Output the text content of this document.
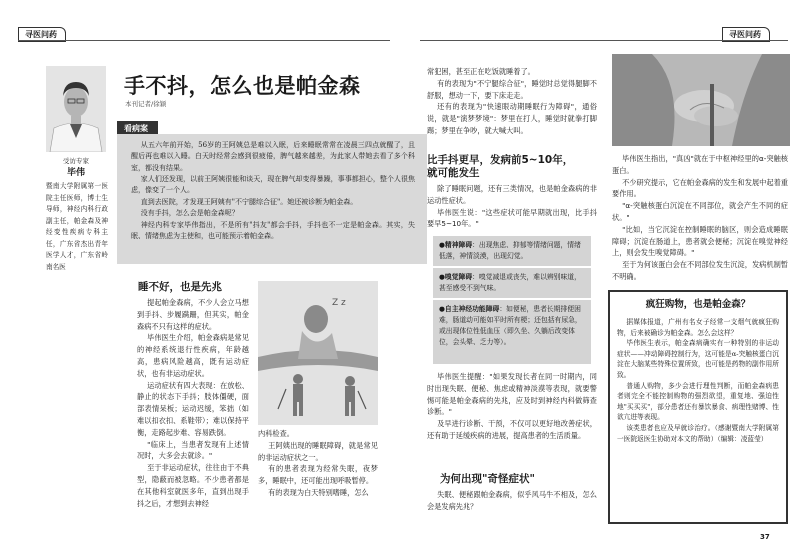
寻医问药	寻医问药
受访专家
毕伟
暨南大学附属第一医院主任医师，博士生导师，神经内科行政副主任，帕金森及神经变性疾病专科主任，广东省杰出青年医学人才，广东省岭南名医
手不抖，怎么也是帕金森
本刊记者/徐颖
看病案

从五六年前开始，56岁的王阿姨总是难以入眠，后来睡眠常常在凌晨三四点就醒了，且醒后再也难以入睡。白天时经常会感到很疲倦，脾气越来越差，为此家人带她去看了多个科室，都没有结果。

家人们还发现，以前王阿姨很能和谈天，现在脾气却变得暴躁，事事都担心，整个人很焦虑，像变了一个人。

直到去医院，才发现王阿姨有"不宁腿综合征"。她还被诊断为帕金森。

没有手抖，怎么会是帕金森呢？

神经内科专家毕伟指出，不是所有"抖友"都会手抖，手抖也不一定是帕金森。其实，失眠、情绪焦虑为主使和，也可能预示着帕金森。

睡不好，也是先兆

提起帕金森病，不少人会立马想到手抖、步履蹒跚，但其实，帕金森病不只有这样的症状。

毕伟医生介绍，帕金森病是常见的神经系统退行性疾病，年龄越高，患病风险越高，既有运动症状，也有非运动症状。

运动症状有四大表现：在放松、静止的状态下手抖；肢体僵硬，面部表情呆板；运动迟缓，笨拙（如难以扣衣扣、系鞋带）；难以保持平衡，走路起步难、容易跌倒。

"临床上，当患者发现有上述情况时，大多会去就诊。"

至于非运动症状，往往由于不典型，隐蔽而被忽略。不少患者都是在其他科室就医多年，直到出现手抖之后，才想到去神经

Z z

内科检查。

王阿姨出现的睡眠障碍，就是常见的非运动症状之一。

有的患者表现为经常失眠，夜梦多，睡眠中，还可能出现呼吸暂停。

有的表现为白天特别嗜睡，怎么

常犯困，甚至正在吃饭就睡着了。

有的表现为"不宁腿综合征"，睡觉时总觉得腿脚不舒服，想动一下，要下床走走。

还有的表现为"快速眼动期睡眠行为障碍"，通俗说，就是"演梦梦境"：梦里在打人，睡觉时就拳打脚踢；梦里在争吵，就大喊大叫。

比手抖更早，发病前5~10年，就可能发生

除了睡眠问题，还有三类情况，也是帕金森病的非运动性症状。

毕伟医生说："这些症状可能早期就出现，比手抖要早5~10年。"

●精神障碍：出现焦虑、抑郁等情绪问题，情绪低落，神情淡漠，出现幻觉。
●嗅觉障碍：嗅觉减退或丧失，难以辨别味道，甚至感受不到气味。
●自主神经功能障碍：如便秘，患者长期排便困难，肠道动可能如平时所有梗；还包括有尿急，或出现体位性低血压（即久坐、久躺后改变体位，会头晕、乏力等）。

毕伟医生提醒："如果发现长者在同一时期内，同时出现失眠、便秘、焦虑或精神淡漠等表现，就要警惕可能是帕金森病的先兆，应及时到神经内科做筛查诊断。"

及早进行诊断、干预，不仅可以更好地改善症状，还有助于延缓疾病的进展，提高患者的生活质量。

为何出现"奇怪症状"

失眠、便秘跟帕金森病，似乎风马牛不相及，怎么会是发病先兆？

毕伟医生指出，"真凶"就在于中枢神经里的α-突触核蛋白。

不少研究提示，它在帕金森病的发生和发展中起着重要作用。

"α-突触核蛋白沉淀在不同部位，就会产生不同的症状。"

"比如，当它沉淀在控制睡眠的脑区，则会造成睡眠障碍；沉淀在肠道上，患者就会便秘；沉淀在嗅觉神经上，则会发生嗅觉障碍。"

至于为何该蛋白会在不同部位发生沉淀，发病机制暂不明确。

疯狂购物，也是帕金森？

据媒体报道，广州有名女子经常一支烟气就疯狂购物，后来被确诊为帕金森。怎么会这样？

毕伟医生表示，帕金森病确实有一种特别的非运动症状——冲动障碍控制行为，这可能是α-突触核蛋白沉淀在大脑某些特殊位置所致，也可能是药物的副作用所致。

普通人购物，多少会进行理性判断，而帕金森病患者则完全不能控制购物的强烈欲望，重复地、强迫性地"买买买"，部分患者还有暴饮暴食、病理性赌博、性欲亢进等表现。

该类患者也应及早就诊治疗。（感谢暨南大学附属第一医院返医生协助对本文的帮助）（编辑：凌蓝莹）

37
